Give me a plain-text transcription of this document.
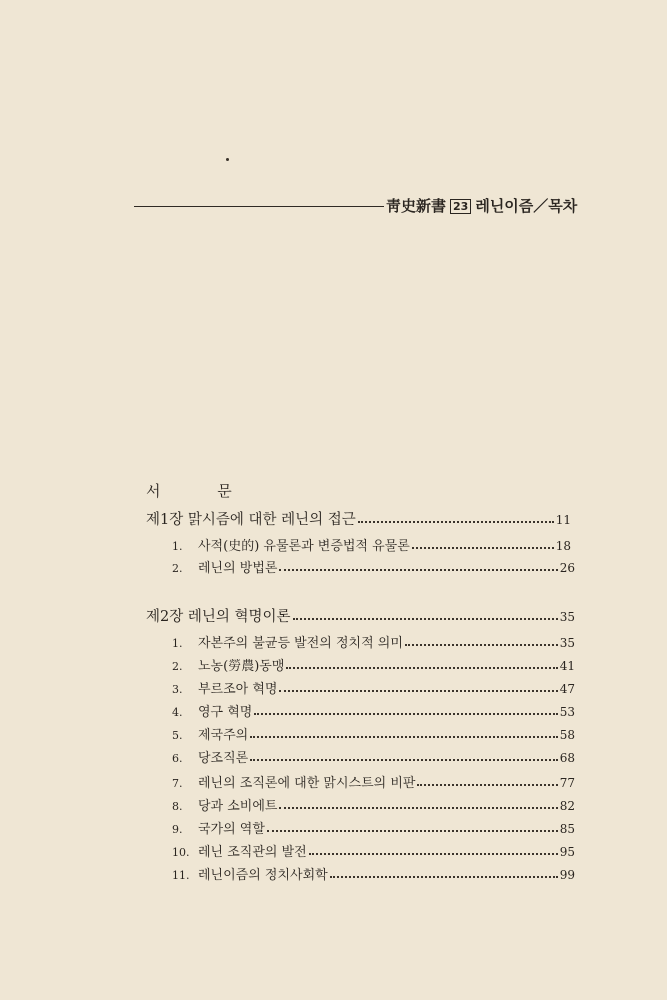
靑史新書 23 레닌이즘／목차
서 문
제1장 맑시즘에 대한 레닌의 접근	11
1. 사적(史的) 유물론과 변증법적 유물론	18
2. 레닌의 방법론	26
제2장 레닌의 혁명이론	35
1. 자본주의 불균등 발전의 정치적 의미	35
2. 노농(勞農)동맹	41
3. 부르조아 혁명	47
4. 영구 혁명	53
5. 제국주의	58
6. 당조직론	68
7. 레닌의 조직론에 대한 맑시스트의 비판	77
8. 당과 소비에트	82
9. 국가의 역할	85
10. 레닌 조직관의 발전	95
11. 레닌이즘의 정치사회학	99
